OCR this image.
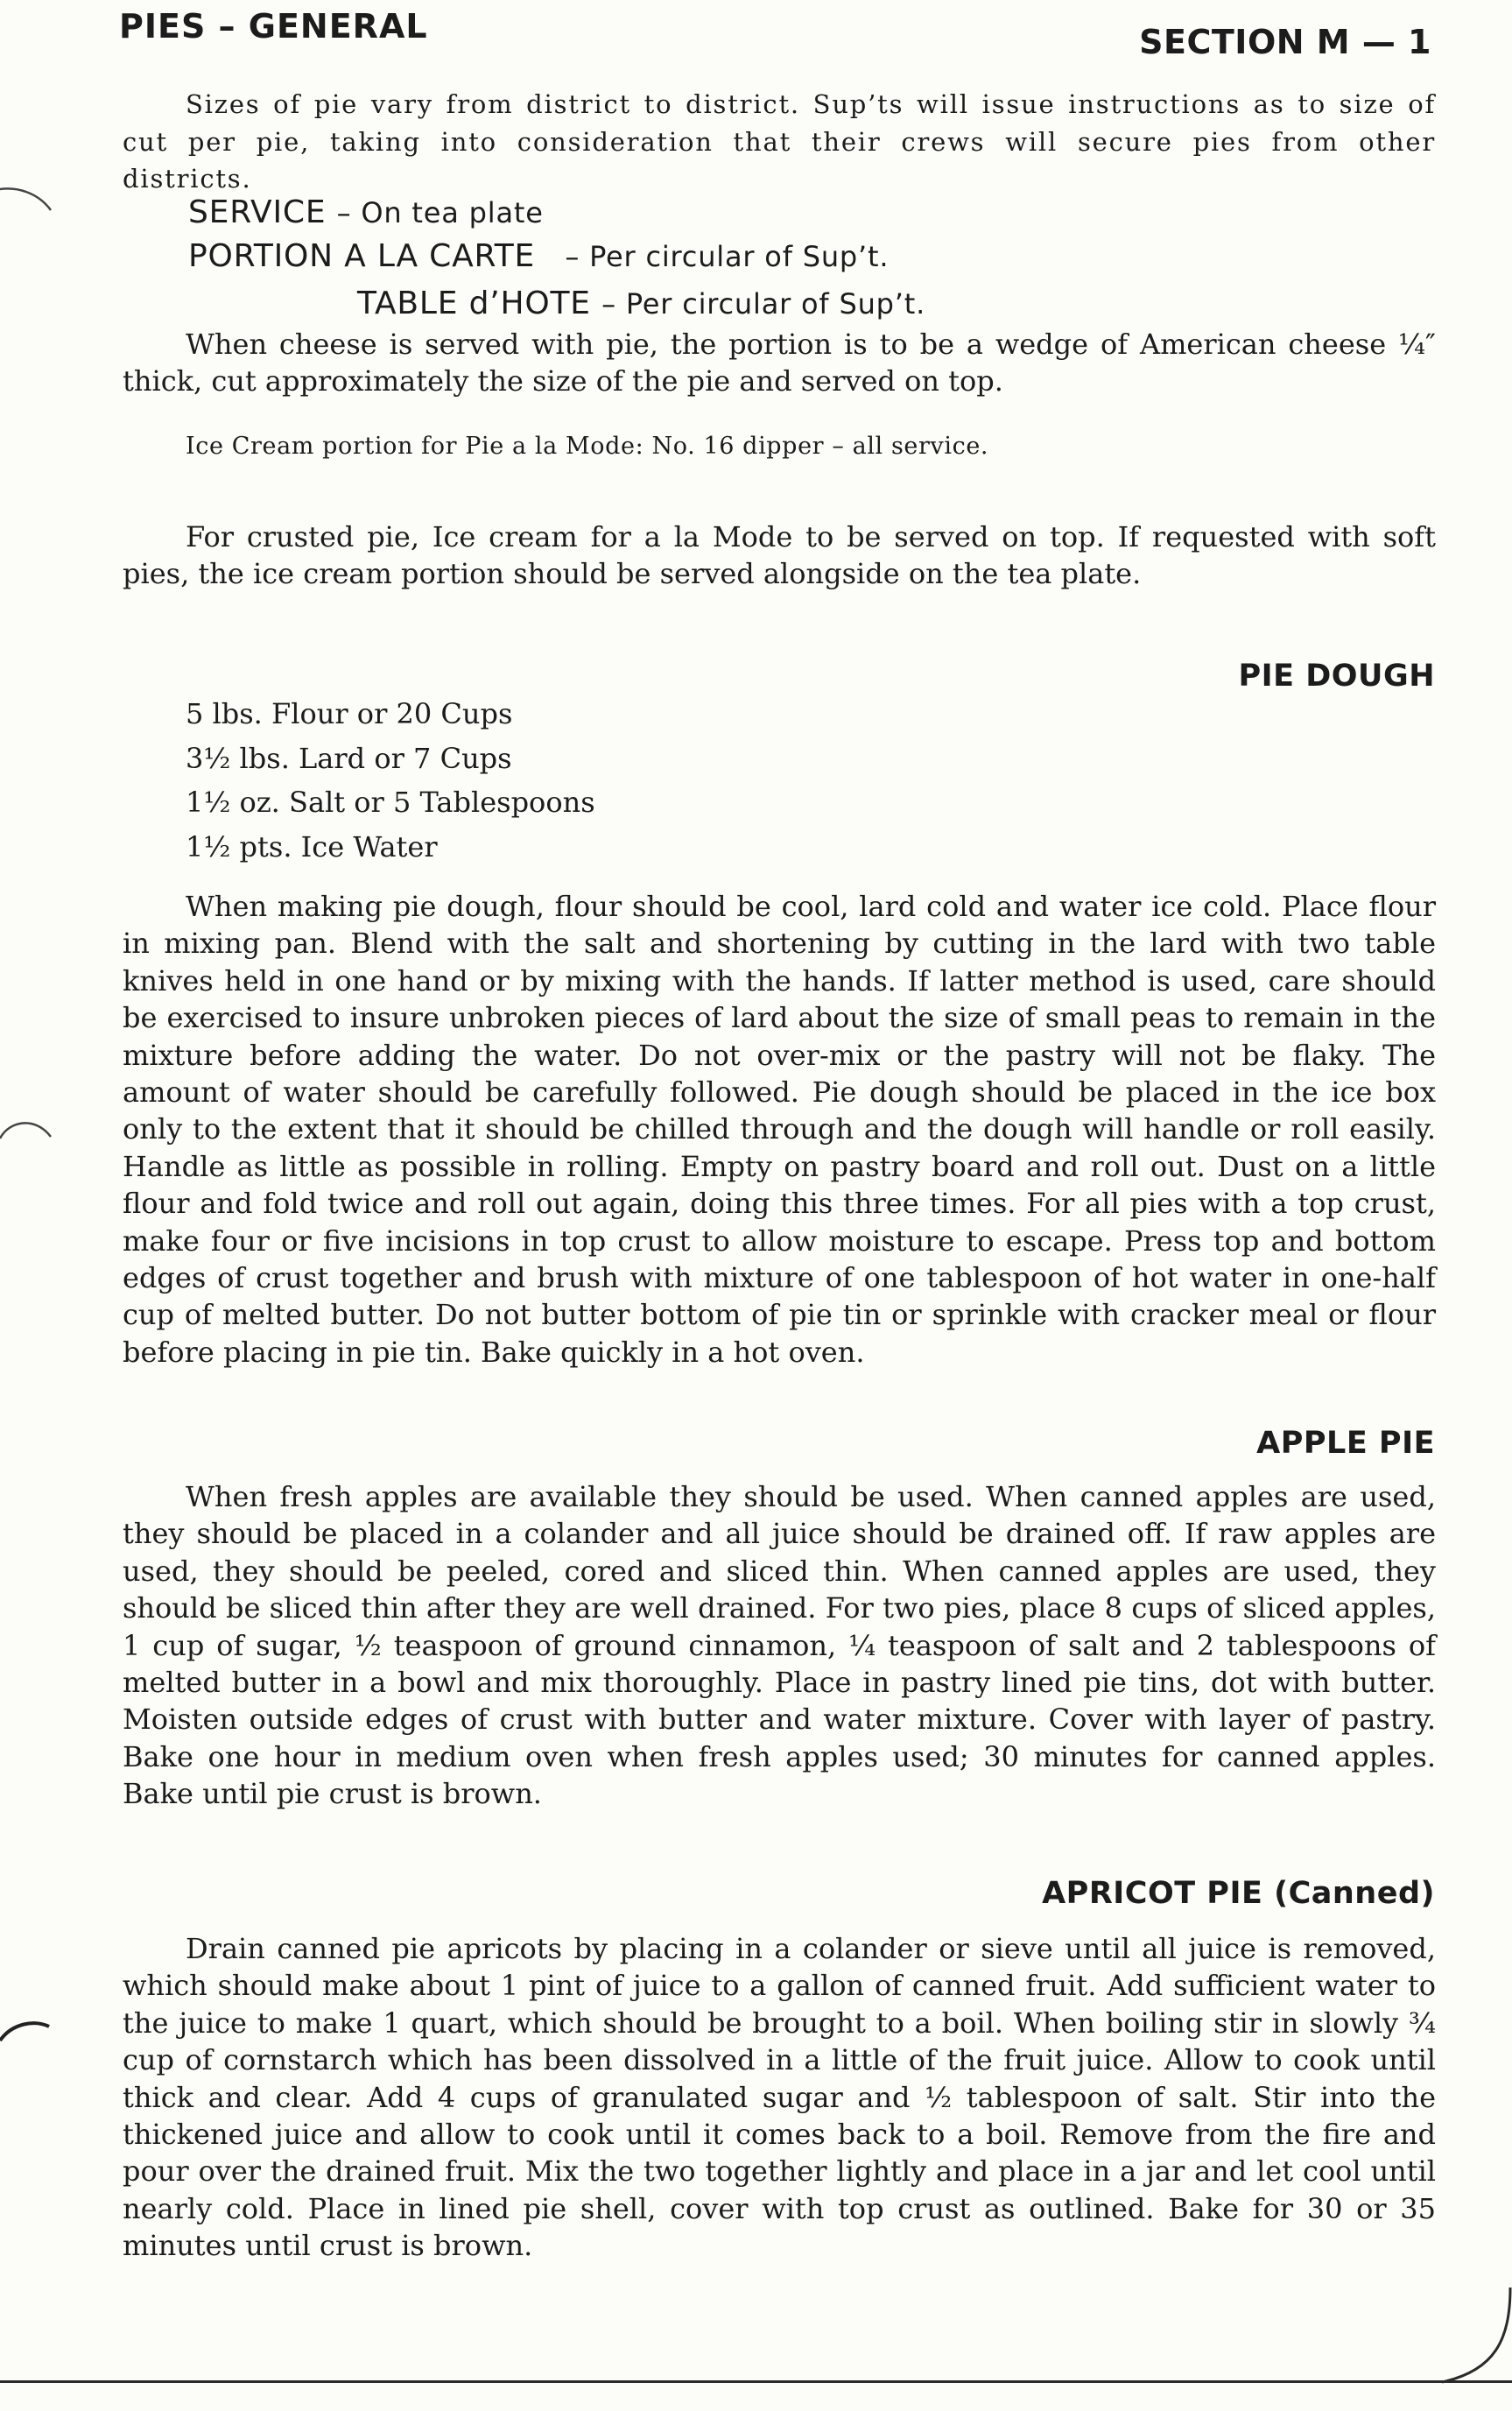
PIES – GENERAL	SECTION M — 1

Sizes of pie vary from district to district. Sup’ts will issue instructions as to size of cut per pie, taking into consideration that their crews will secure pies from other districts.

SERVICE – On tea plate
PORTION A LA CARTE – Per circular of Sup’t.
TABLE d’HOTE – Per circular of Sup’t.

When cheese is served with pie, the portion is to be a wedge of American cheese ¼″ thick, cut approximately the size of the pie and served on top.

Ice Cream portion for Pie a la Mode: No. 16 dipper – all service.

For crusted pie, Ice cream for a la Mode to be served on top. If requested with soft pies, the ice cream portion should be served alongside on the tea plate.

PIE DOUGH
5 lbs. Flour or 20 Cups
3½ lbs. Lard or 7 Cups
1½ oz. Salt or 5 Tablespoons
1½ pts. Ice Water

When making pie dough, flour should be cool, lard cold and water ice cold. Place flour in mixing pan. Blend with the salt and shortening by cutting in the lard with two table knives held in one hand or by mixing with the hands. If latter method is used, care should be exercised to insure unbroken pieces of lard about the size of small peas to remain in the mixture before adding the water. Do not over-mix or the pastry will not be flaky. The amount of water should be carefully followed. Pie dough should be placed in the ice box only to the extent that it should be chilled through and the dough will handle or roll easily. Handle as little as possible in rolling. Empty on pastry board and roll out. Dust on a little flour and fold twice and roll out again, doing this three times. For all pies with a top crust, make four or five incisions in top crust to allow moisture to escape. Press top and bottom edges of crust together and brush with mixture of one tablespoon of hot water in one-half cup of melted butter. Do not butter bottom of pie tin or sprinkle with cracker meal or flour before placing in pie tin. Bake quickly in a hot oven.

APPLE PIE

When fresh apples are available they should be used. When canned apples are used, they should be placed in a colander and all juice should be drained off. If raw apples are used, they should be peeled, cored and sliced thin. When canned apples are used, they should be sliced thin after they are well drained. For two pies, place 8 cups of sliced apples, 1 cup of sugar, ½ teaspoon of ground cinnamon, ¼ teaspoon of salt and 2 tablespoons of melted butter in a bowl and mix thoroughly. Place in pastry lined pie tins, dot with butter. Moisten outside edges of crust with butter and water mixture. Cover with layer of pastry. Bake one hour in medium oven when fresh apples used; 30 minutes for canned apples. Bake until pie crust is brown.

APRICOT PIE (Canned)

Drain canned pie apricots by placing in a colander or sieve until all juice is removed, which should make about 1 pint of juice to a gallon of canned fruit. Add sufficient water to the juice to make 1 quart, which should be brought to a boil. When boiling stir in slowly ¾ cup of cornstarch which has been dissolved in a little of the fruit juice. Allow to cook until thick and clear. Add 4 cups of granulated sugar and ½ tablespoon of salt. Stir into the thickened juice and allow to cook until it comes back to a boil. Remove from the fire and pour over the drained fruit. Mix the two together lightly and place in a jar and let cool until nearly cold. Place in lined pie shell, cover with top crust as outlined. Bake for 30 or 35 minutes until crust is brown.
